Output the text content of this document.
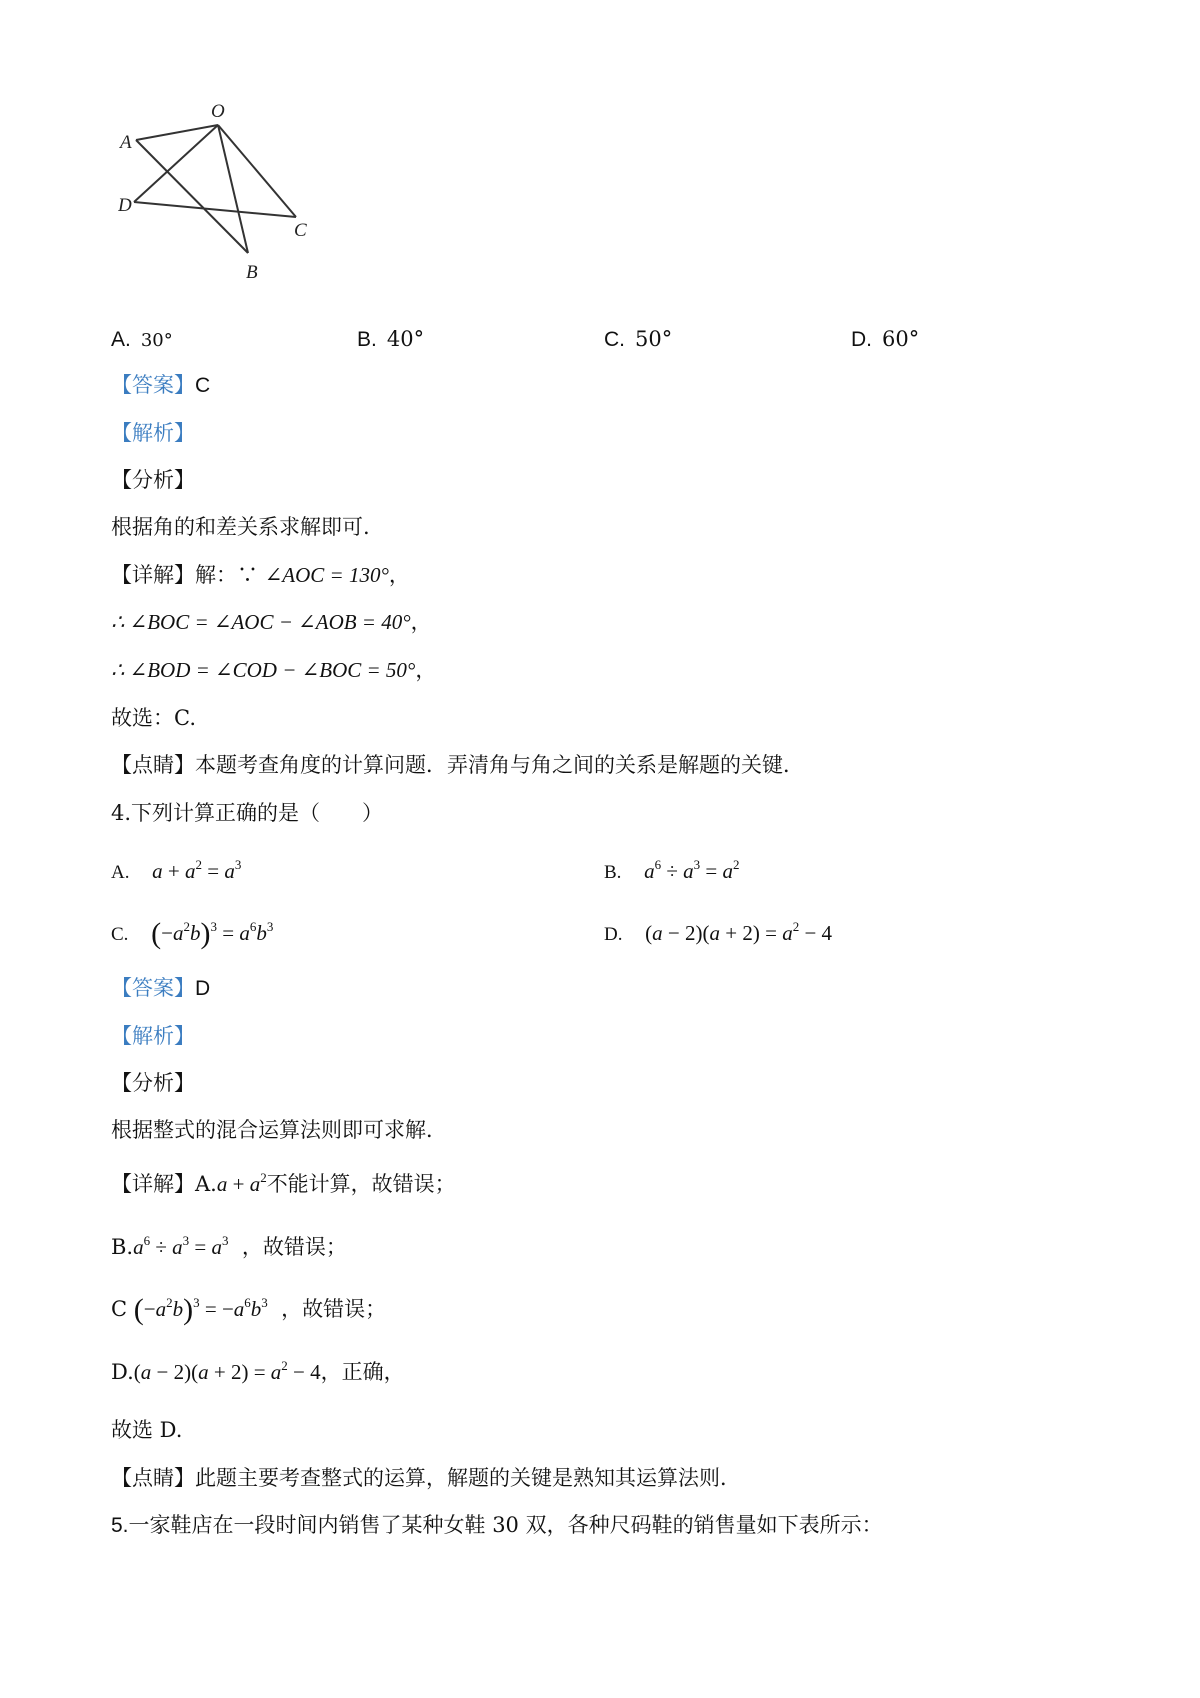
O
A
D
C
B
A. 30°	B. 40°	C. 50°	D. 60°
【答案】C
【解析】
【分析】
根据角的和差关系求解即可.
【详解】解：∵ ∠AOC = 130°，
∴ ∠BOC = ∠AOC − ∠AOB = 40°，
∴ ∠BOD = ∠COD − ∠BOC = 50°，
故选：C.
【点睛】本题考查角度的计算问题．弄清角与角之间的关系是解题的关键．
4.下列计算正确的是（　　）
A. $a + a^2 = a^3$	B. $a^6 \div a^3 = a^2$
C. $(-a^2b)^3 = a^6b^3$	D. $(a - 2)(a + 2) = a^2 - 4$
【答案】D
【解析】
【分析】
根据整式的混合运算法则即可求解．
【详解】$A.a + a^2$不能计算，故错误；
$B.a^6 \div a^3 = a^3$ ，故错误；
C $(-a^2b)^3 = -a^6b^3$ ，故错误；
$D.(a - 2)(a + 2) = a^2 - 4$，正确，
故选 D.
【点睛】此题主要考查整式的运算，解题的关键是熟知其运算法则．
5.一家鞋店在一段时间内销售了某种女鞋 30 双，各种尺码鞋的销售量如下表所示：
